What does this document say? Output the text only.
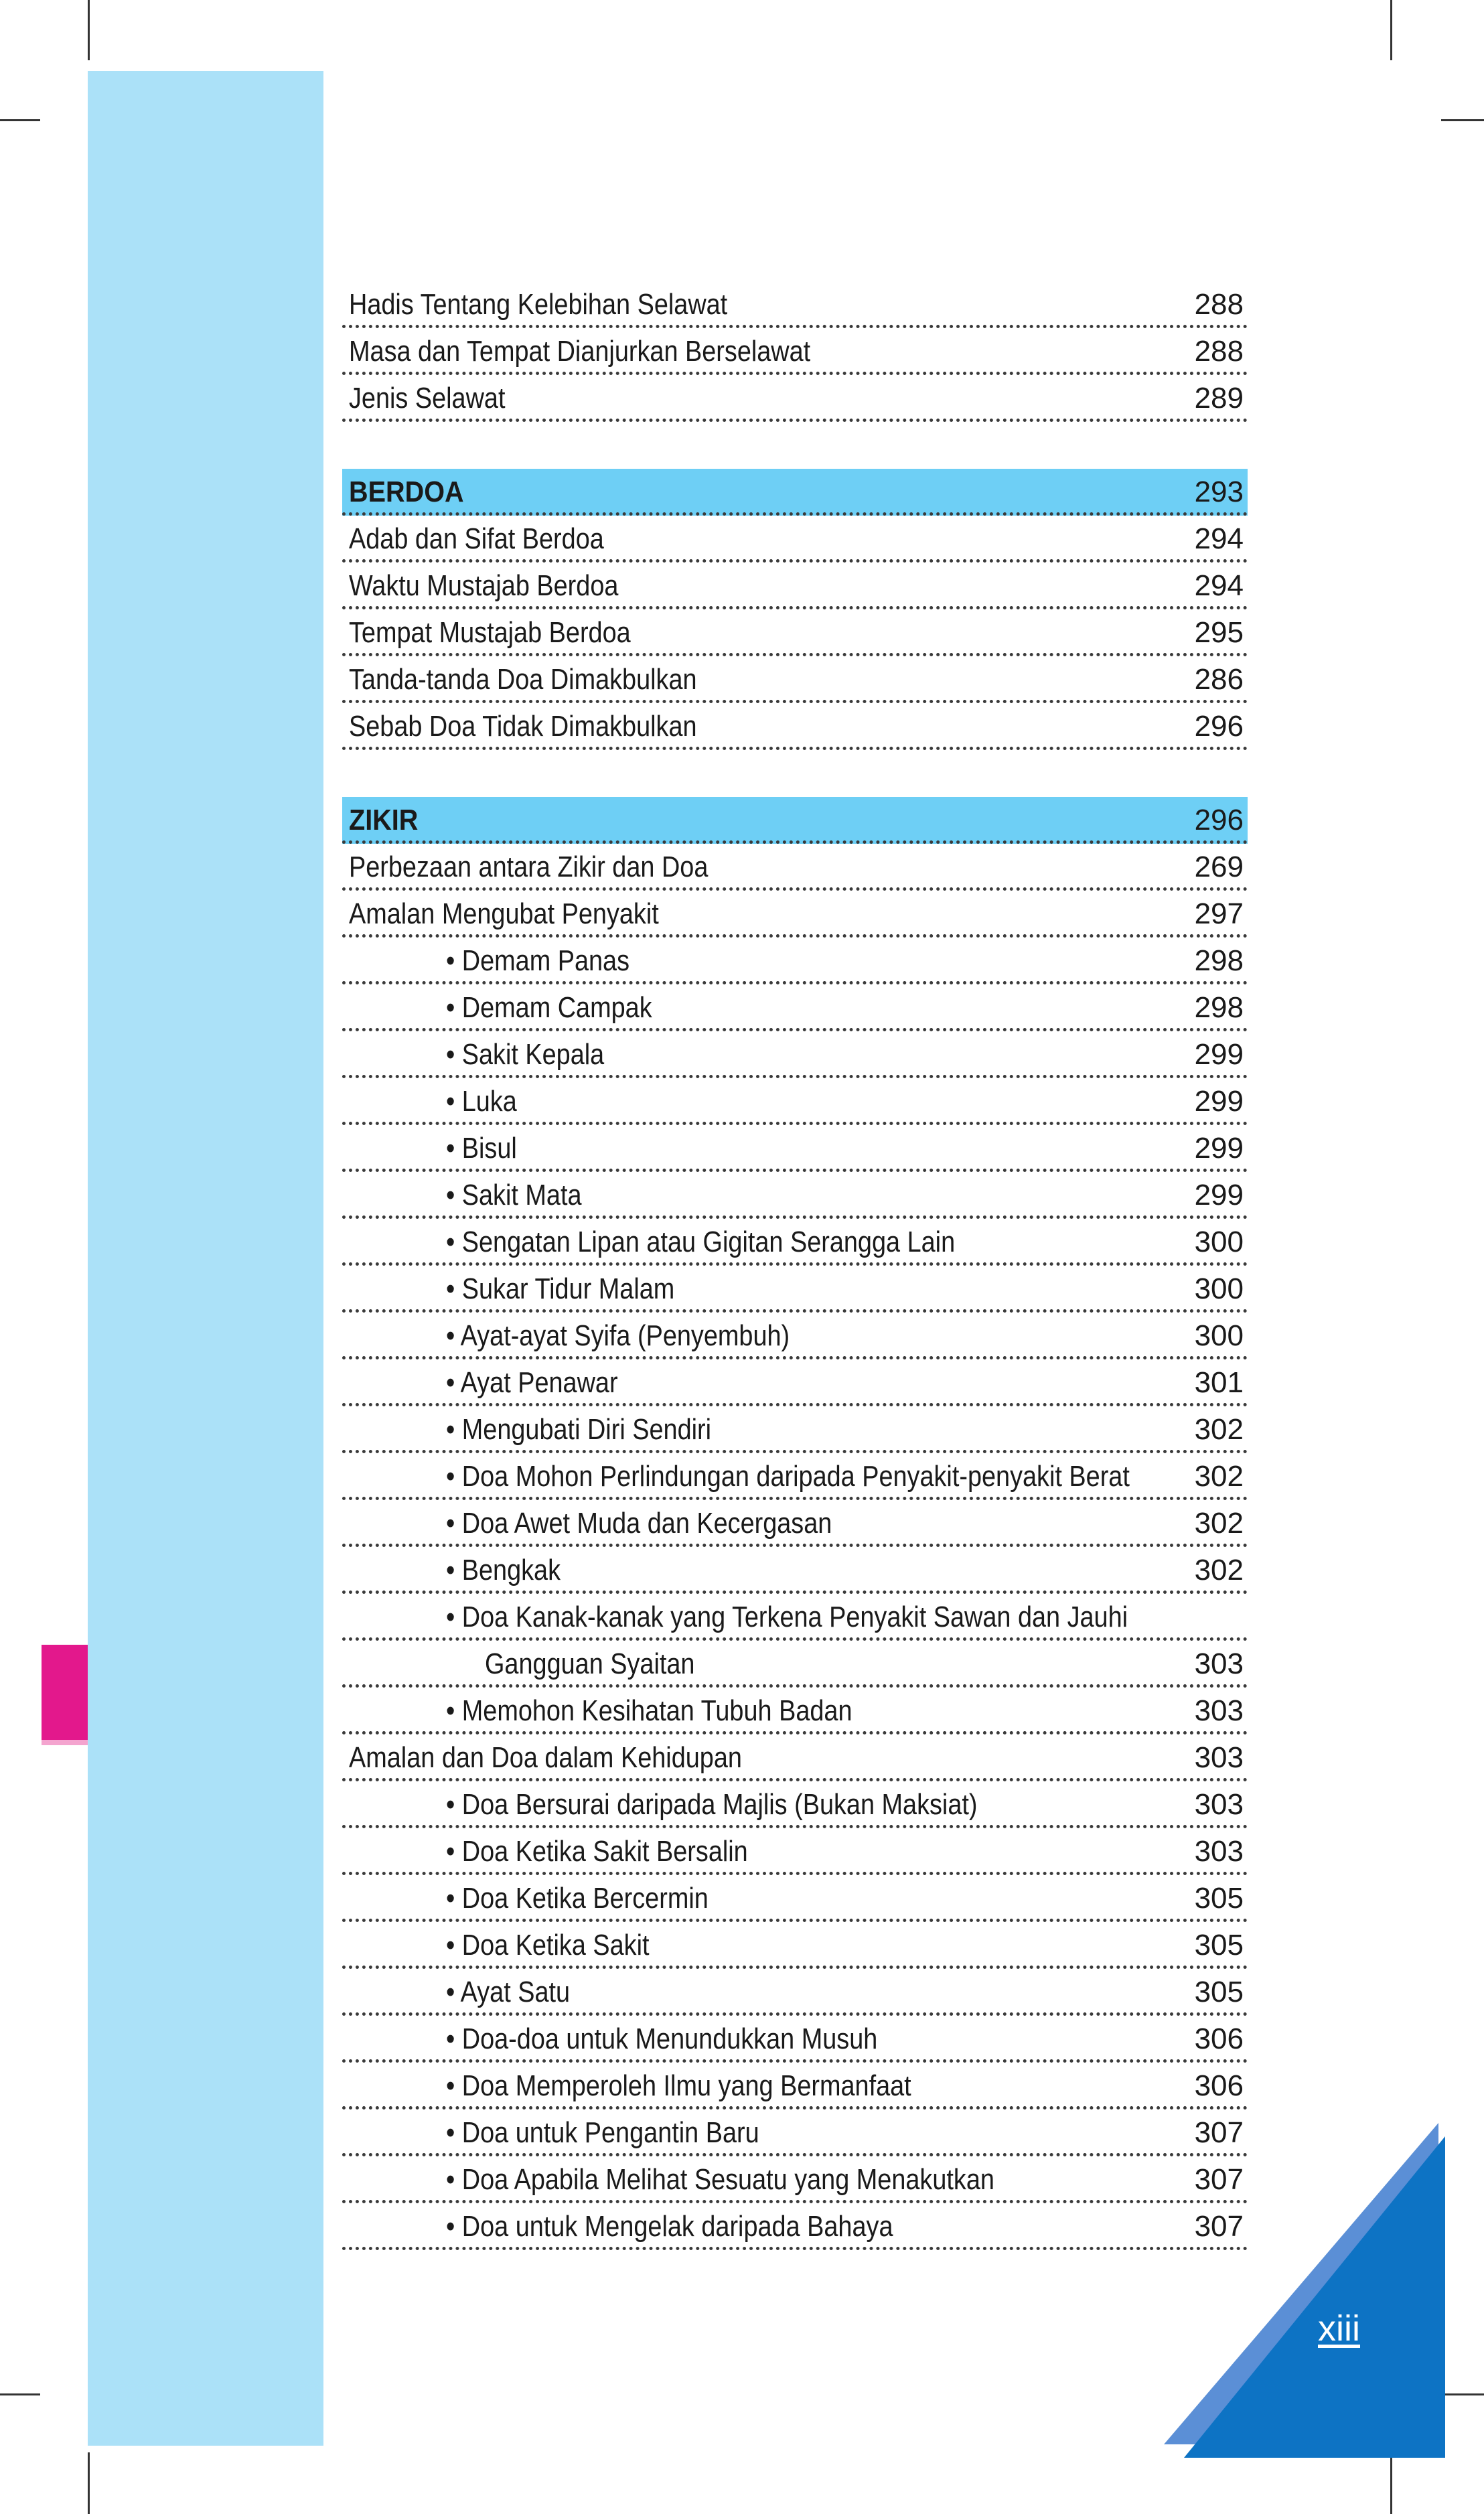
Hadis Tentang Kelebihan Selawat	288
Masa dan Tempat Dianjurkan Berselawat	288
Jenis Selawat	289
BERDOA	293
Adab dan Sifat Berdoa	294
Waktu Mustajab Berdoa	294
Tempat Mustajab Berdoa	295
Tanda-tanda Doa Dimakbulkan	286
Sebab Doa Tidak Dimakbulkan	296
ZIKIR	296
Perbezaan antara Zikir dan Doa	269
Amalan Mengubat Penyakit	297
• Demam Panas	298
• Demam Campak	298
• Sakit Kepala	299
• Luka	299
• Bisul	299
• Sakit Mata	299
• Sengatan Lipan atau Gigitan Serangga Lain	300
• Sukar Tidur Malam	300
• Ayat-ayat Syifa (Penyembuh)	300
• Ayat Penawar	301
• Mengubati Diri Sendiri	302
• Doa Mohon Perlindungan daripada Penyakit-penyakit Berat 302
• Doa Awet Muda dan Kecergasan	302
• Bengkak	302
• Doa Kanak-kanak yang Terkena Penyakit Sawan dan Jauhi
Gangguan Syaitan	303
• Memohon Kesihatan Tubuh Badan	303
Amalan dan Doa dalam Kehidupan	303
• Doa Bersurai daripada Majlis (Bukan Maksiat)	303
• Doa Ketika Sakit Bersalin	303
• Doa Ketika Bercermin	305
• Doa Ketika Sakit	305
• Ayat Satu	305
• Doa-doa untuk Menundukkan Musuh	306
• Doa Memperoleh Ilmu yang Bermanfaat	306
• Doa untuk Pengantin Baru	307
• Doa Apabila Melihat Sesuatu yang Menakutkan	307
• Doa untuk Mengelak daripada Bahaya	307
xiii
